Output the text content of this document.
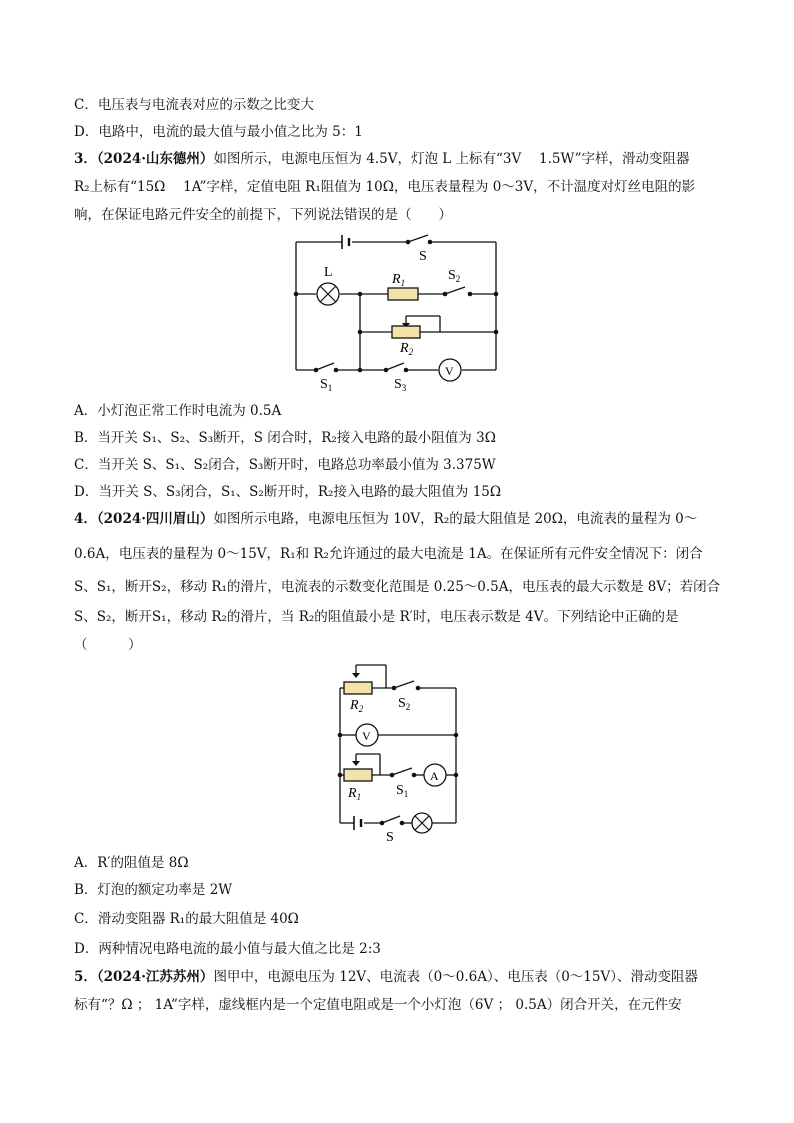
C．电压表与电流表对应的示数之比变大
D．电路中，电流的最大值与最小值之比为 5：1
3．（2024·山东德州）如图所示，电源电压恒为 4.5V，灯泡 L 上标有“3V　 1.5W”字样，滑动变阻器
R₂上标有“15Ω　 1A”字样，定值电阻 R₁阻值为 10Ω，电压表量程为 0～3V，不计温度对灯丝电阻的影
响，在保证电路元件安全的前提下，下列说法错误的是（　　）
S
L	$R_1$	$S_2$
$R_2$
V
$S_1$	$S_3$
A．小灯泡正常工作时电流为 0.5A
B．当开关 S₁、S₂、S₃断开，S 闭合时，R₂接入电路的最小阻值为 3Ω
C．当开关 S、S₁、S₂闭合，S₃断开时，电路总功率最小值为 3.375W
D．当开关 S、S₃闭合，S₁、S₂断开时，R₂接入电路的最大阻值为 15Ω
4．（2024·四川眉山）如图所示电路，电源电压恒为 10V，R₂的最大阻值是 20Ω，电流表的量程为 0～
0.6A，电压表的量程为 0～15V，R₁和 R₂允许通过的最大电流是 1A。在保证所有元件安全情况下：闭合
S、S₁，断开S₂，移动 R₁的滑片，电流表的示数变化范围是 0.25～0.5A，电压表的最大示数是 8V；若闭合
S、S₂，断开S₁，移动 R₂的滑片，当 R₂的阻值最小是 R′时，电压表示数是 4V。下列结论中正确的是
（　　　）
$R_2$ $S_2$
V
$R_1$ $S_1$
A
S
A．R′的阻值是 8Ω
B．灯泡的额定功率是 2W
C．滑动变阻器 R₁的最大阻值是 40Ω
D．两种情况电路电流的最小值与最大值之比是 2:3
5．（2024·江苏苏州）图甲中，电源电压为 12V、电流表（0～0.6A）、电压表（0～15V）、滑动变阻器
标有“？Ω ； 1A”字样，虚线框内是一个定值电阻或是一个小灯泡（6V ； 0.5A）闭合开关，在元件安
